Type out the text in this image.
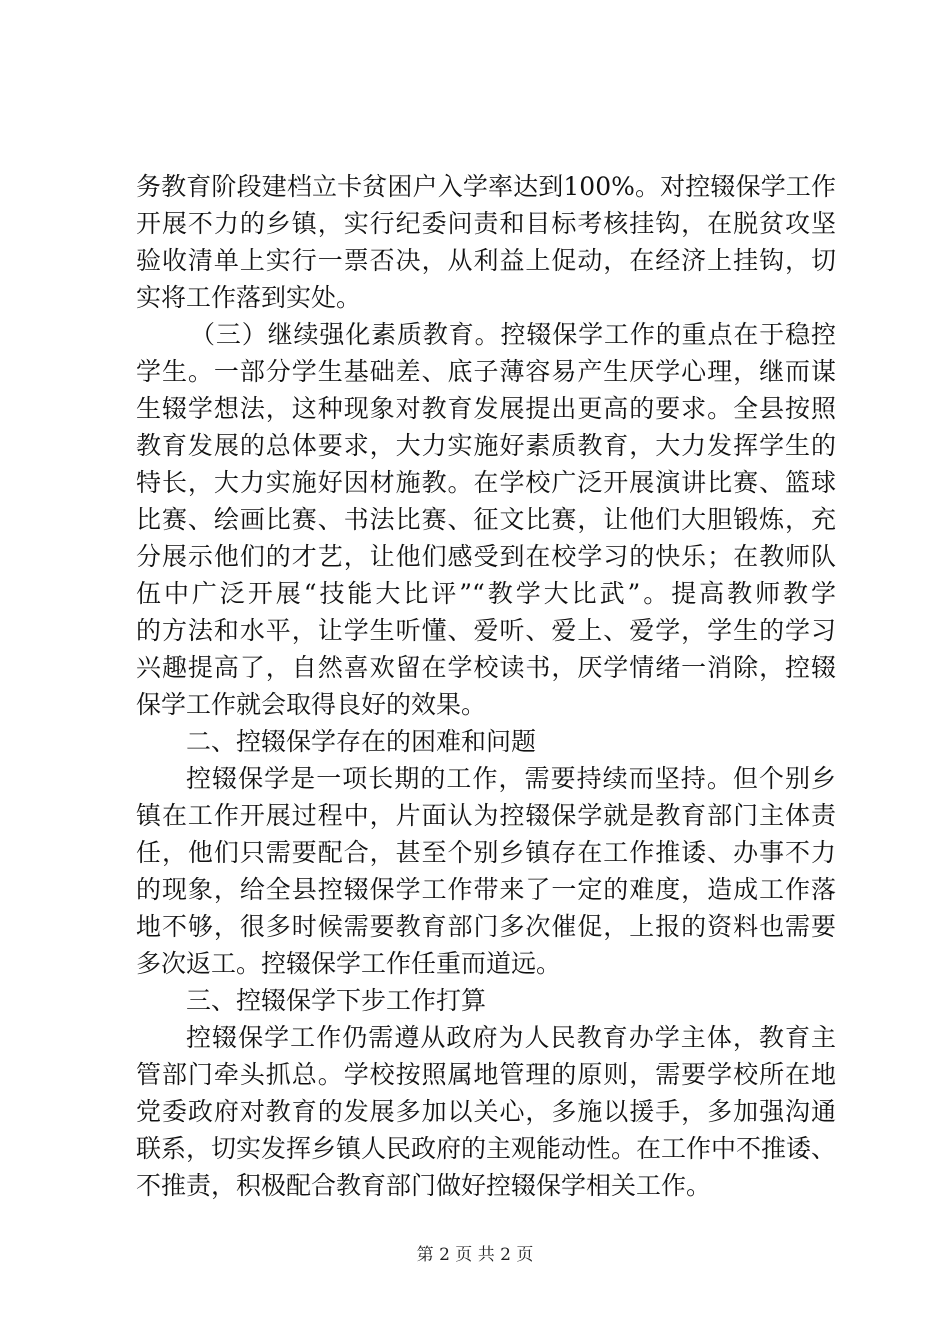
务教育阶段建档立卡贫困户入学率达到100%。对控辍保学工作
开展不力的乡镇，实行纪委问责和目标考核挂钩，在脱贫攻坚
验收清单上实行一票否决，从利益上促动，在经济上挂钩，切
实将工作落到实处。
（三）继续强化素质教育。控辍保学工作的重点在于稳控
学生。一部分学生基础差、底子薄容易产生厌学心理，继而谋
生辍学想法，这种现象对教育发展提出更高的要求。全县按照
教育发展的总体要求，大力实施好素质教育，大力发挥学生的
特长，大力实施好因材施教。在学校广泛开展演讲比赛、篮球
比赛、绘画比赛、书法比赛、征文比赛，让他们大胆锻炼，充
分展示他们的才艺，让他们感受到在校学习的快乐；在教师队
伍中广泛开展“技能大比评”“教学大比武”。提高教师教学
的方法和水平，让学生听懂、爱听、爱上、爱学，学生的学习
兴趣提高了，自然喜欢留在学校读书，厌学情绪一消除，控辍
保学工作就会取得良好的效果。
二、控辍保学存在的困难和问题
控辍保学是一项长期的工作，需要持续而坚持。但个别乡
镇在工作开展过程中，片面认为控辍保学就是教育部门主体责
任，他们只需要配合，甚至个别乡镇存在工作推诿、办事不力
的现象，给全县控辍保学工作带来了一定的难度，造成工作落
地不够，很多时候需要教育部门多次催促，上报的资料也需要
多次返工。控辍保学工作任重而道远。
三、控辍保学下步工作打算
控辍保学工作仍需遵从政府为人民教育办学主体，教育主
管部门牵头抓总。学校按照属地管理的原则，需要学校所在地
党委政府对教育的发展多加以关心，多施以援手，多加强沟通
联系，切实发挥乡镇人民政府的主观能动性。在工作中不推诿、
不推责，积极配合教育部门做好控辍保学相关工作。
第 2 页 共 2 页
